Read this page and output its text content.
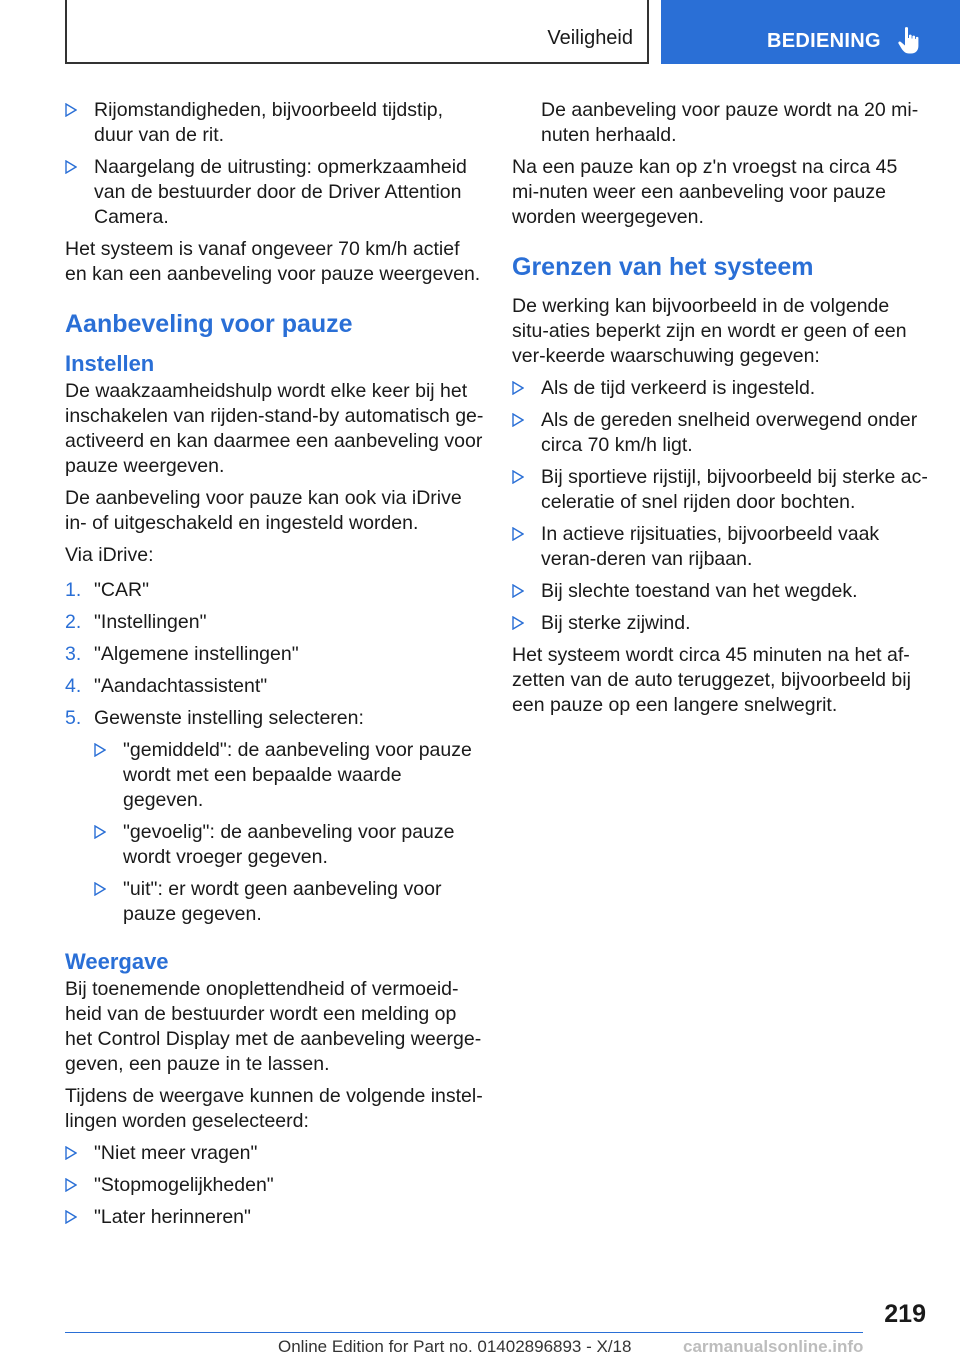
Veiligheid	BEDIENING
Rijomstandigheden, bijvoorbeeld tijdstip, duur van de rit.
Naargelang de uitrusting: opmerkzaamheid van de bestuurder door de Driver Attention Camera.

Het systeem is vanaf ongeveer 70 km/h actief en kan een aanbeveling voor pauze weergeven.

Aanbeveling voor pauze
Instellen

De waakzaamheidshulp wordt elke keer bij het inschakelen van rijden-stand-by automatisch ge-activeerd en kan daarmee een aanbeveling voor pauze weergeven.

De aanbeveling voor pauze kan ook via iDrive in- of uitgeschakeld en ingesteld worden.

Via iDrive:

1. "CAR"
2. "Instellingen"
3. "Algemene instellingen"
4. "Aandachtassistent"
5. Gewenste instelling selecteren:
"gemiddeld": de aanbeveling voor pauze wordt met een bepaalde waarde gegeven.
"gevoelig": de aanbeveling voor pauze wordt vroeger gegeven.
"uit": er wordt geen aanbeveling voor pauze gegeven.
Weergave

Bij toenemende onoplettendheid of vermoeid-heid van de bestuurder wordt een melding op het Control Display met de aanbeveling weerge-geven, een pauze in te lassen.

Tijdens de weergave kunnen de volgende instel-lingen worden geselecteerd:

"Niet meer vragen"
"Stopmogelijkheden"
"Later herinneren"

De aanbeveling voor pauze wordt na 20 mi-nuten herhaald.

Na een pauze kan op z'n vroegst na circa 45 mi-nuten weer een aanbeveling voor pauze worden weergegeven.

Grenzen van het systeem

De werking kan bijvoorbeeld in de volgende situ-aties beperkt zijn en wordt er geen of een ver-keerde waarschuwing gegeven:

Als de tijd verkeerd is ingesteld.
Als de gereden snelheid overwegend onder circa 70 km/h ligt.
Bij sportieve rijstijl, bijvoorbeeld bij sterke ac-celeratie of snel rijden door bochten.
In actieve rijsituaties, bijvoorbeeld vaak veran-deren van rijbaan.
Bij slechte toestand van het wegdek.
Bij sterke zijwind.

Het systeem wordt circa 45 minuten na het af-zetten van de auto teruggezet, bijvoorbeeld bij een pauze op een langere snelwegrit.

219
Online Edition for Part no. 01402896893 - X/18	carmanualsonline.info
